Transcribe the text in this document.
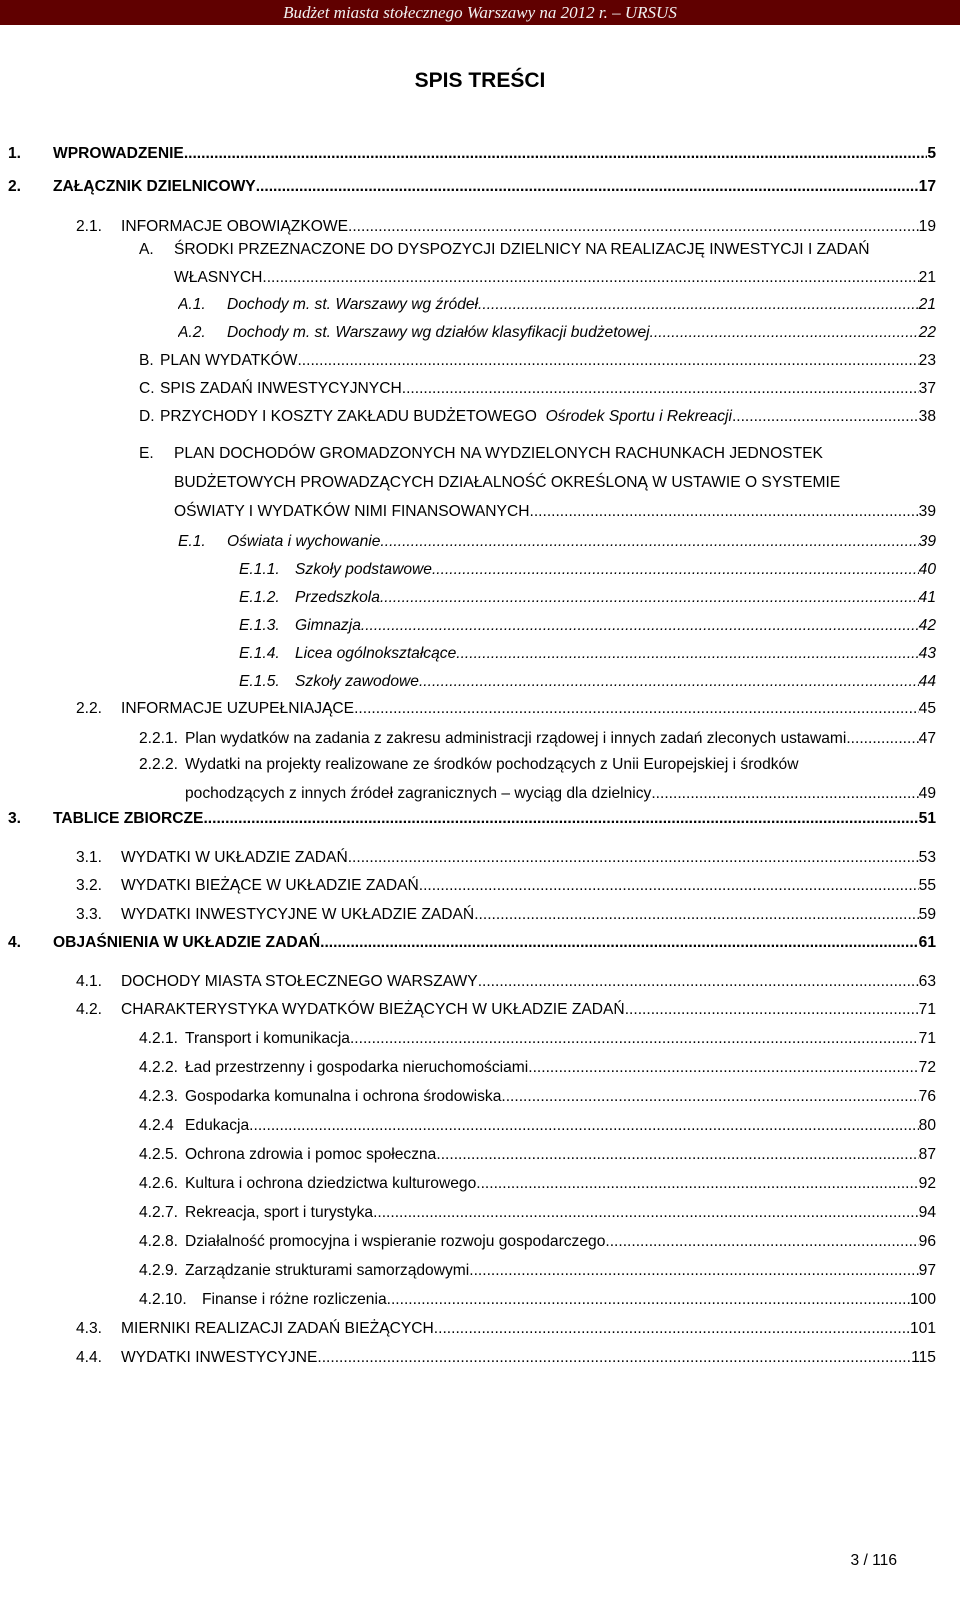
Budżet miasta stołecznego Warszawy na 2012 r. – URSUS
SPIS TREŚCI
1. WPROWADZENIE .....	5
2. ZAŁĄCZNIK DZIELNICOWY .....	17
2.1. INFORMACJE OBOWIĄZKOWE .....	19
A. ŚRODKI PRZEZNACZONE DO DYSPOZYCJI DZIELNICY NA REALIZACJĘ INWESTYCJI I ZADAŃ
WŁASNYCH .....	21
A.1. Dochody m. st. Warszawy wg źródeł .....	21
A.2. Dochody m. st. Warszawy wg działów klasyfikacji budżetowej .....	22
B. PLAN WYDATKÓW .....	23
C. SPIS ZADAŃ INWESTYCYJNYCH .....	37
D. PRZYCHODY I KOSZTY ZAKŁADU BUDŻETOWEGO Ośrodek Sportu i Rekreacji .....	38
E. PLAN DOCHODÓW GROMADZONYCH NA WYDZIELONYCH RACHUNKACH JEDNOSTEK
BUDŻETOWYCH PROWADZĄCYCH DZIAŁALNOŚĆ OKREŚLONĄ W USTAWIE O SYSTEMIE
OŚWIATY I WYDATKÓW NIMI FINANSOWANYCH .....	39
E.1. Oświata i wychowanie .....	39
E.1.1. Szkoły podstawowe .....	40
E.1.2. Przedszkola .....	41
E.1.3. Gimnazja .....	42
E.1.4. Licea ogólnokształcące .....	43
E.1.5. Szkoły zawodowe .....	44
2.2. INFORMACJE UZUPEŁNIAJĄCE .....	45
2.2.1. Plan wydatków na zadania z zakresu administracji rządowej i innych zadań zleconych ustawami .....	47
2.2.2. Wydatki na projekty realizowane ze środków pochodzących z Unii Europejskiej i środków
pochodzących z innych źródeł zagranicznych – wyciąg dla dzielnicy .....	49
3. TABLICE ZBIORCZE .....	51
3.1. WYDATKI W UKŁADZIE ZADAŃ .....	53
3.2. WYDATKI BIEŻĄCE W UKŁADZIE ZADAŃ .....	55
3.3. WYDATKI INWESTYCYJNE W UKŁADZIE ZADAŃ .....	59
4. OBJAŚNIENIA W UKŁADZIE ZADAŃ .....	61
4.1. DOCHODY MIASTA STOŁECZNEGO WARSZAWY .....	63
4.2. CHARAKTERYSTYKA WYDATKÓW BIEŻĄCYCH W UKŁADZIE ZADAŃ .....	71
4.2.1. Transport i komunikacja .....	71
4.2.2. Ład przestrzenny i gospodarka nieruchomościami .....	72
4.2.3. Gospodarka komunalna i ochrona środowiska .....	76
4.2.4 Edukacja .....	80
4.2.5. Ochrona zdrowia i pomoc społeczna .....	87
4.2.6. Kultura i ochrona dziedzictwa kulturowego .....	92
4.2.7. Rekreacja, sport i turystyka .....	94
4.2.8. Działalność promocyjna i wspieranie rozwoju gospodarczego .....	96
4.2.9. Zarządzanie strukturami samorządowymi .....	97
4.2.10. Finanse i różne rozliczenia .....	100
4.3. MIERNIKI REALIZACJI ZADAŃ BIEŻĄCYCH .....	101
4.4. WYDATKI INWESTYCYJNE .....	115
3 / 116
